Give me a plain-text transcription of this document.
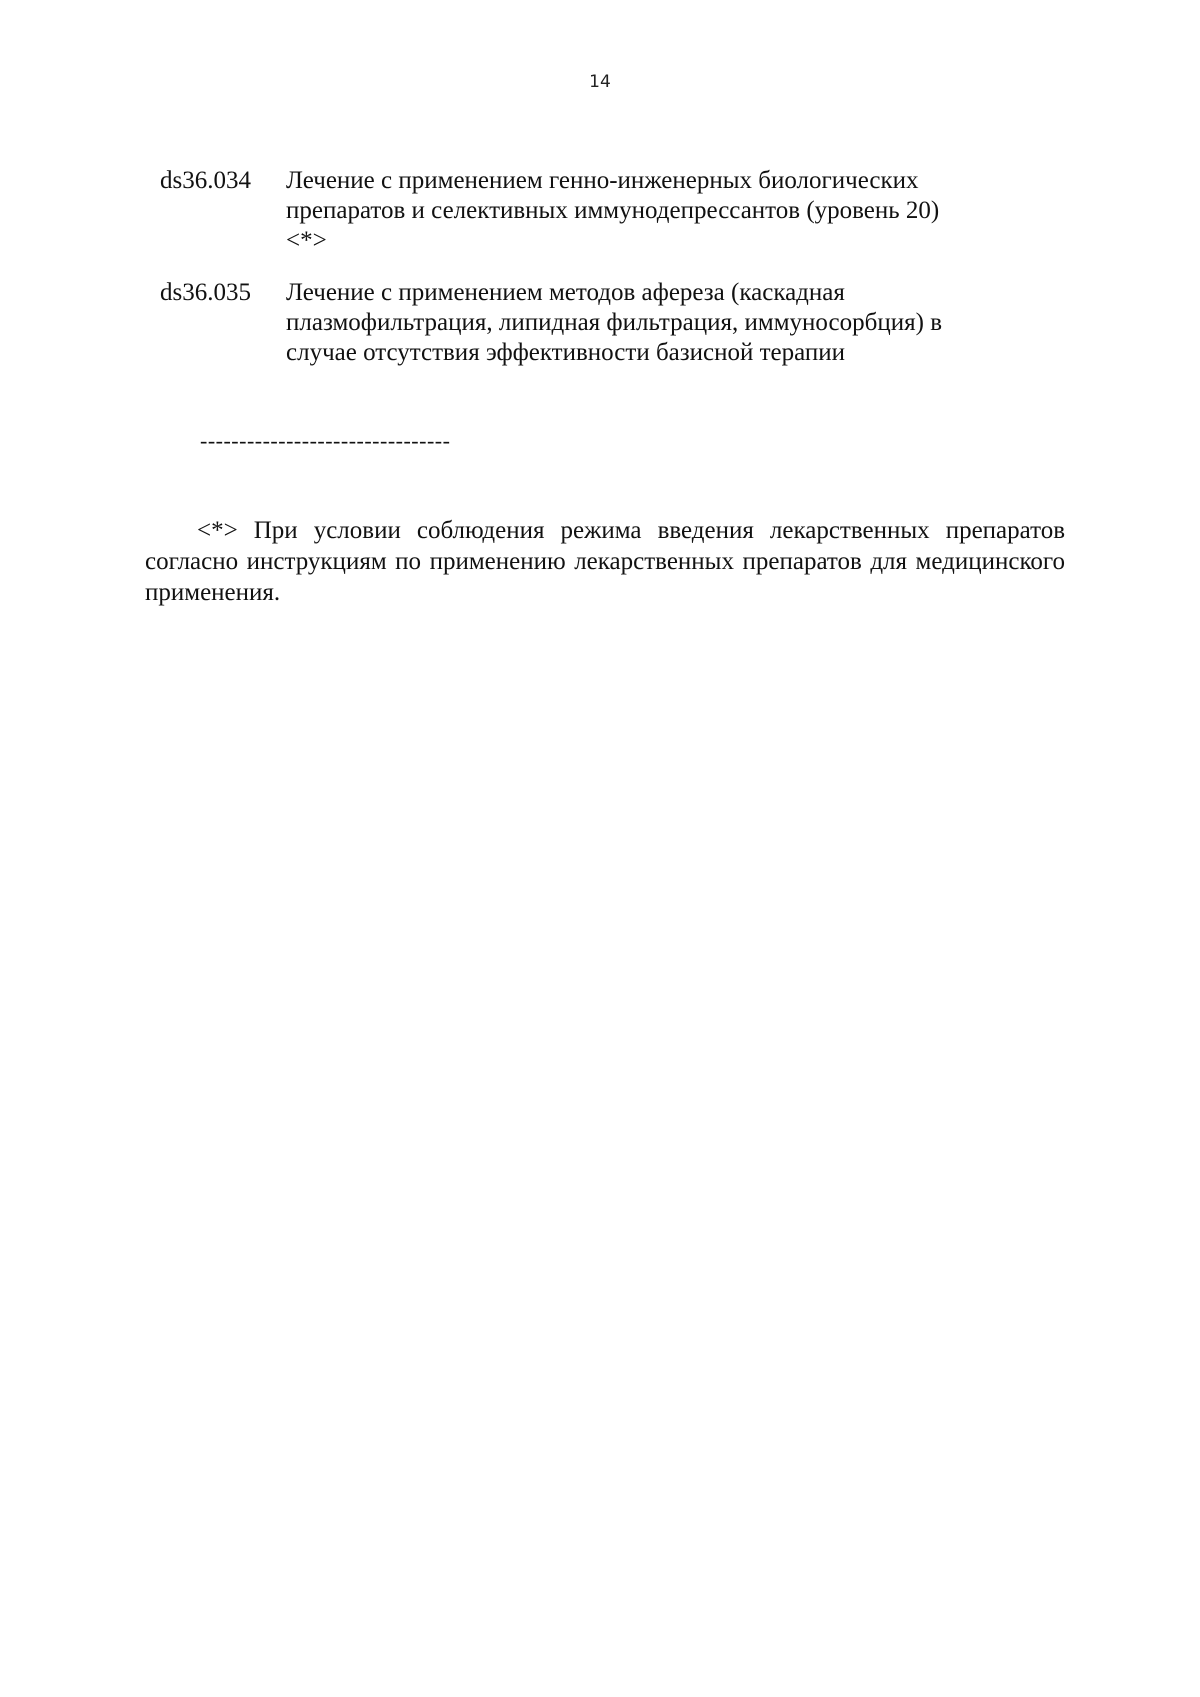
14
ds36.034	Лечение с применением генно-инженерных биологических
препаратов и селективных иммунодепрессантов (уровень 20)
<*>
ds36.035	Лечение с применением методов афереза (каскадная
плазмофильтрация, липидная фильтрация, иммуносорбция) в
случае отсутствия эффективности базисной терапии
--------------------------------

<*> При условии соблюдения режима введения лекарственных препаратов согласно инструкциям по применению лекарственных препаратов для медицинского применения.
